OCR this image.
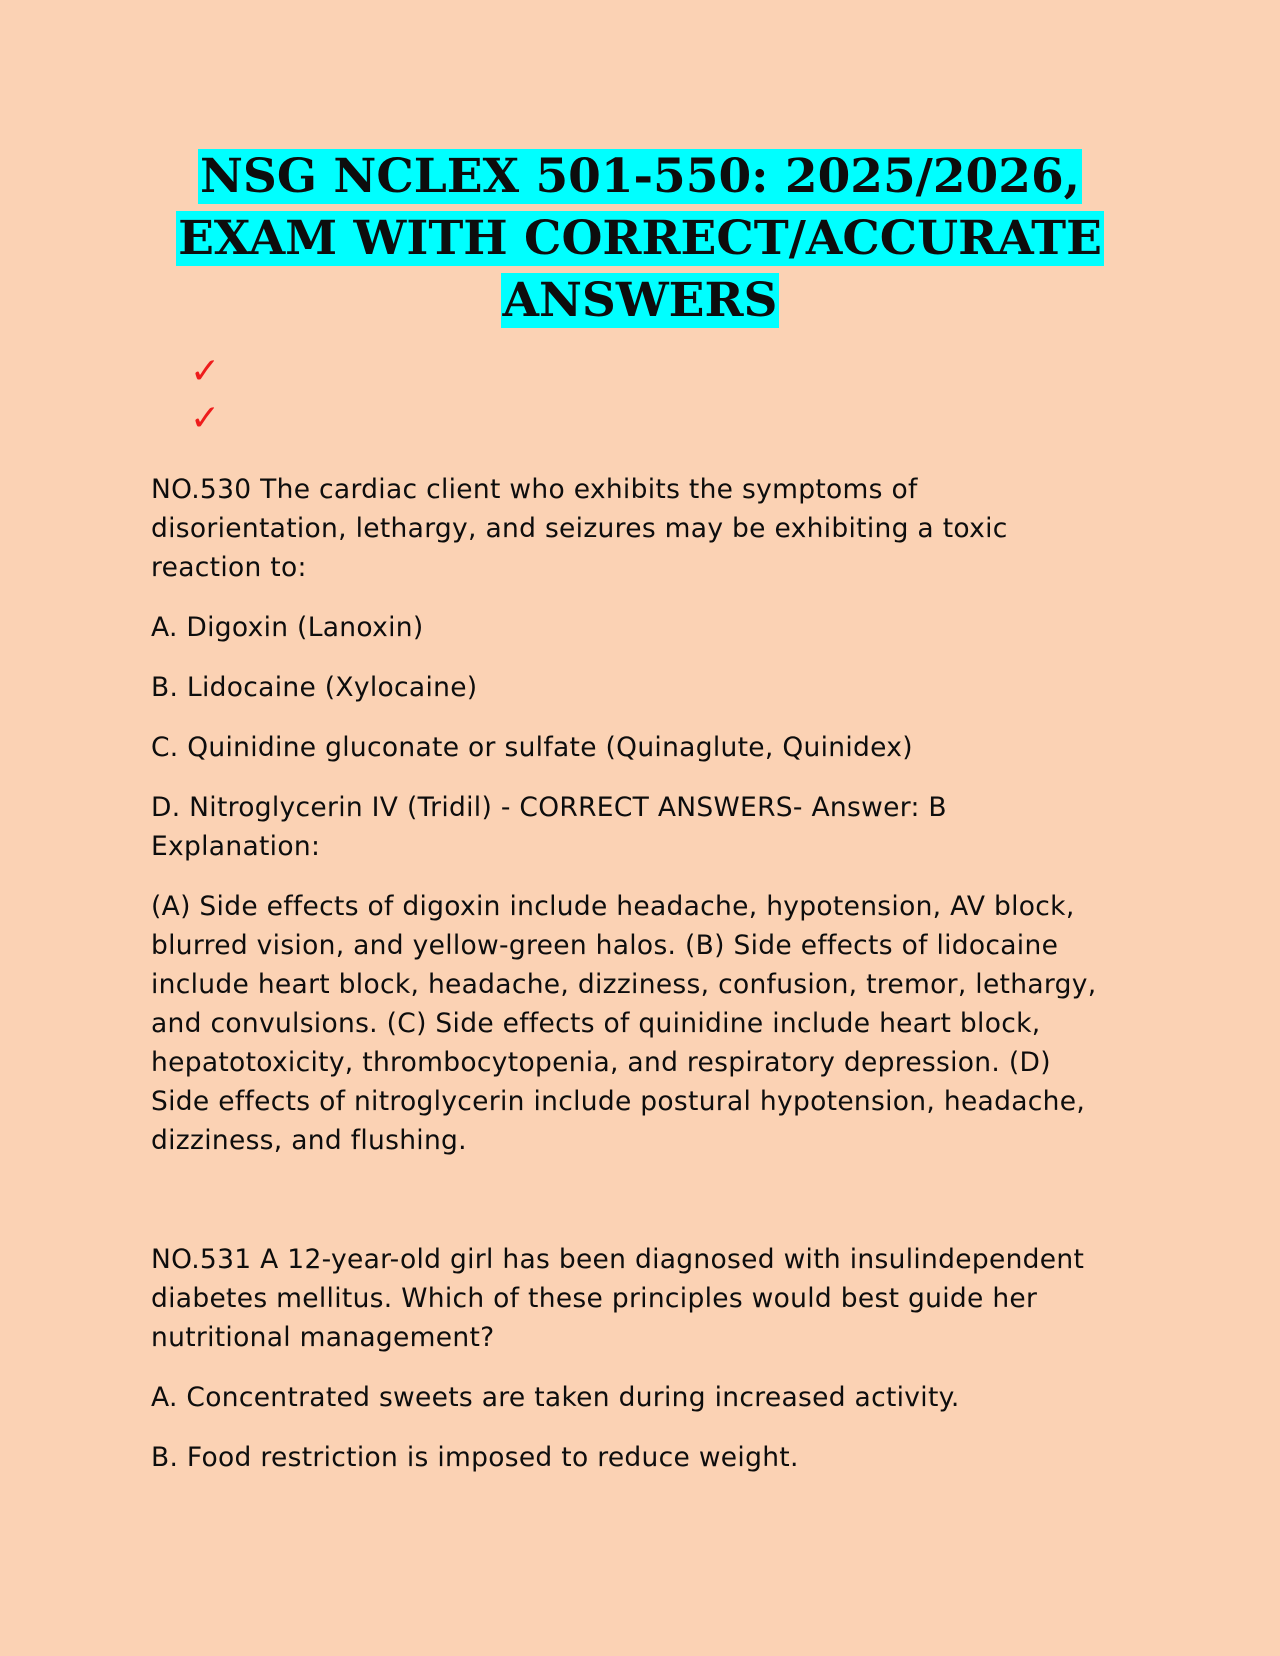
NSG NCLEX 501-550: 2025/2026,
EXAM WITH CORRECT/ACCURATE
ANSWERS
✓
✓

NO.530 The cardiac client who exhibits the symptoms of disorientation, lethargy, and seizures may be exhibiting a toxic reaction to:

A. Digoxin (Lanoxin)

B. Lidocaine (Xylocaine)

C. Quinidine gluconate or sulfate (Quinaglute, Quinidex)

D. Nitroglycerin IV (Tridil) - CORRECT ANSWERS- Answer: B Explanation:

(A) Side effects of digoxin include headache, hypotension, AV block, blurred vision, and yellow-green halos. (B) Side effects of lidocaine include heart block, headache, dizziness, confusion, tremor, lethargy, and convulsions. (C) Side effects of quinidine include heart block, hepatotoxicity, thrombocytopenia, and respiratory depression. (D) Side effects of nitroglycerin include postural hypotension, headache, dizziness, and flushing.

NO.531 A 12-year-old girl has been diagnosed with insulindependent diabetes mellitus. Which of these principles would best guide her nutritional management?

A. Concentrated sweets are taken during increased activity.

B. Food restriction is imposed to reduce weight.
